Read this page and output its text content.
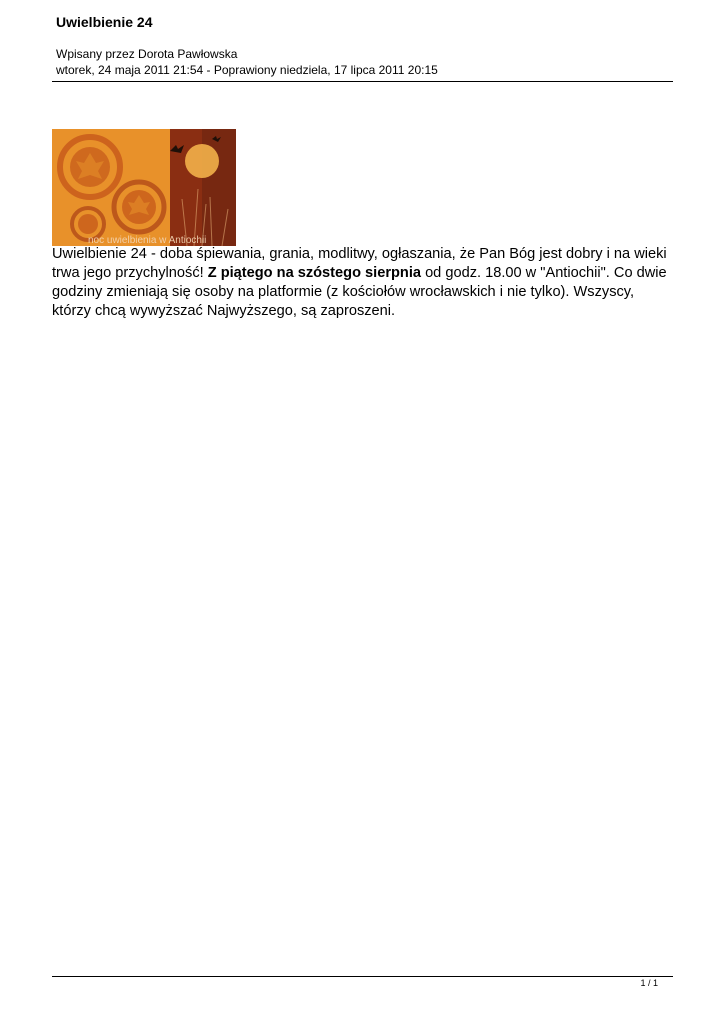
Uwielbienie 24
Wpisany przez Dorota Pawłowska
wtorek, 24 maja 2011 21:54 - Poprawiony niedziela, 17 lipca 2011 20:15
noc uwielbienia w Antiochii

Uwielbienie 24 - doba śpiewania, grania, modlitwy, ogłaszania, że Pan Bóg jest dobry i na wieki trwa jego przychylność! Z piątego na szóstego sierpnia od godz. 18.00 w "Antiochii". Co dwie godziny zmieniają się osoby na platformie (z kościołów wrocławskich i nie tylko). Wszyscy, którzy chcą wywyższać Najwyższego, są zaproszeni.

1 / 1
